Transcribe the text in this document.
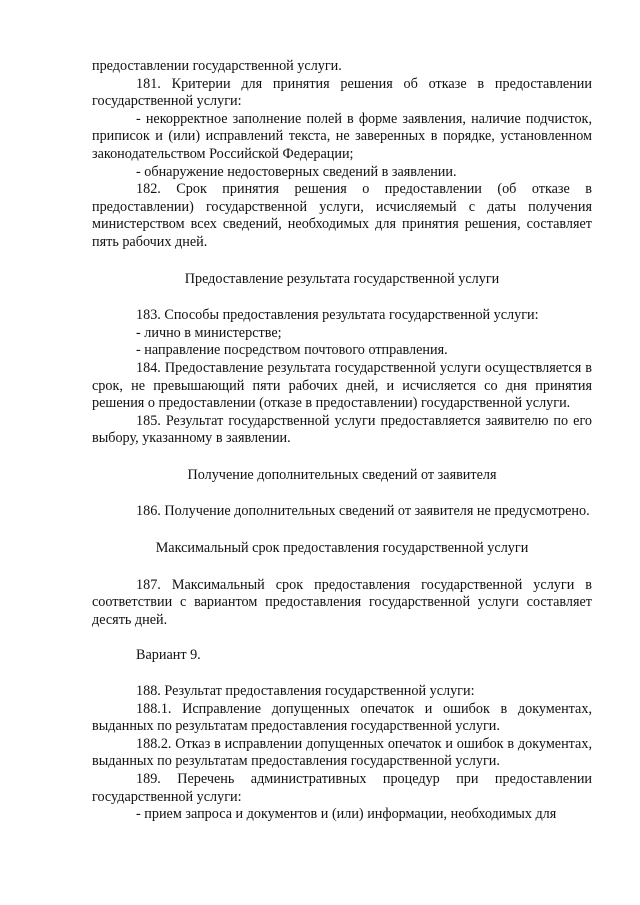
предоставлении государственной услуги.

181. Критерии для принятия решения об отказе в предоставлении государственной услуги:

- некорректное заполнение полей в форме заявления, наличие подчисток, приписок и (или) исправлений текста, не заверенных в порядке, установленном законодательством Российской Федерации;

- обнаружение недостоверных сведений в заявлении.

182. Срок принятия решения о предоставлении (об отказе в предоставлении) государственной услуги, исчисляемый с даты получения министерством всех сведений, необходимых для принятия решения, составляет пять рабочих дней.

Предоставление результата государственной услуги

183. Способы предоставления результата государственной услуги:

- лично в министерстве;

- направление посредством почтового отправления.

184. Предоставление результата государственной услуги осуществляется в срок, не превышающий пяти рабочих дней, и исчисляется со дня принятия решения о предоставлении (отказе в предоставлении) государственной услуги.

185. Результат государственной услуги предоставляется заявителю по его выбору, указанному в заявлении.

Получение дополнительных сведений от заявителя

186. Получение дополнительных сведений от заявителя не предусмотрено.

Максимальный срок предоставления государственной услуги

187. Максимальный срок предоставления государственной услуги в соответствии с вариантом предоставления государственной услуги составляет десять дней.

Вариант 9.

188. Результат предоставления государственной услуги:

188.1. Исправление допущенных опечаток и ошибок в документах, выданных по результатам предоставления государственной услуги.

188.2. Отказ в исправлении допущенных опечаток и ошибок в документах, выданных по результатам предоставления государственной услуги.

189. Перечень административных процедур при предоставлении государственной услуги:

- прием запроса и документов и (или) информации, необходимых для
